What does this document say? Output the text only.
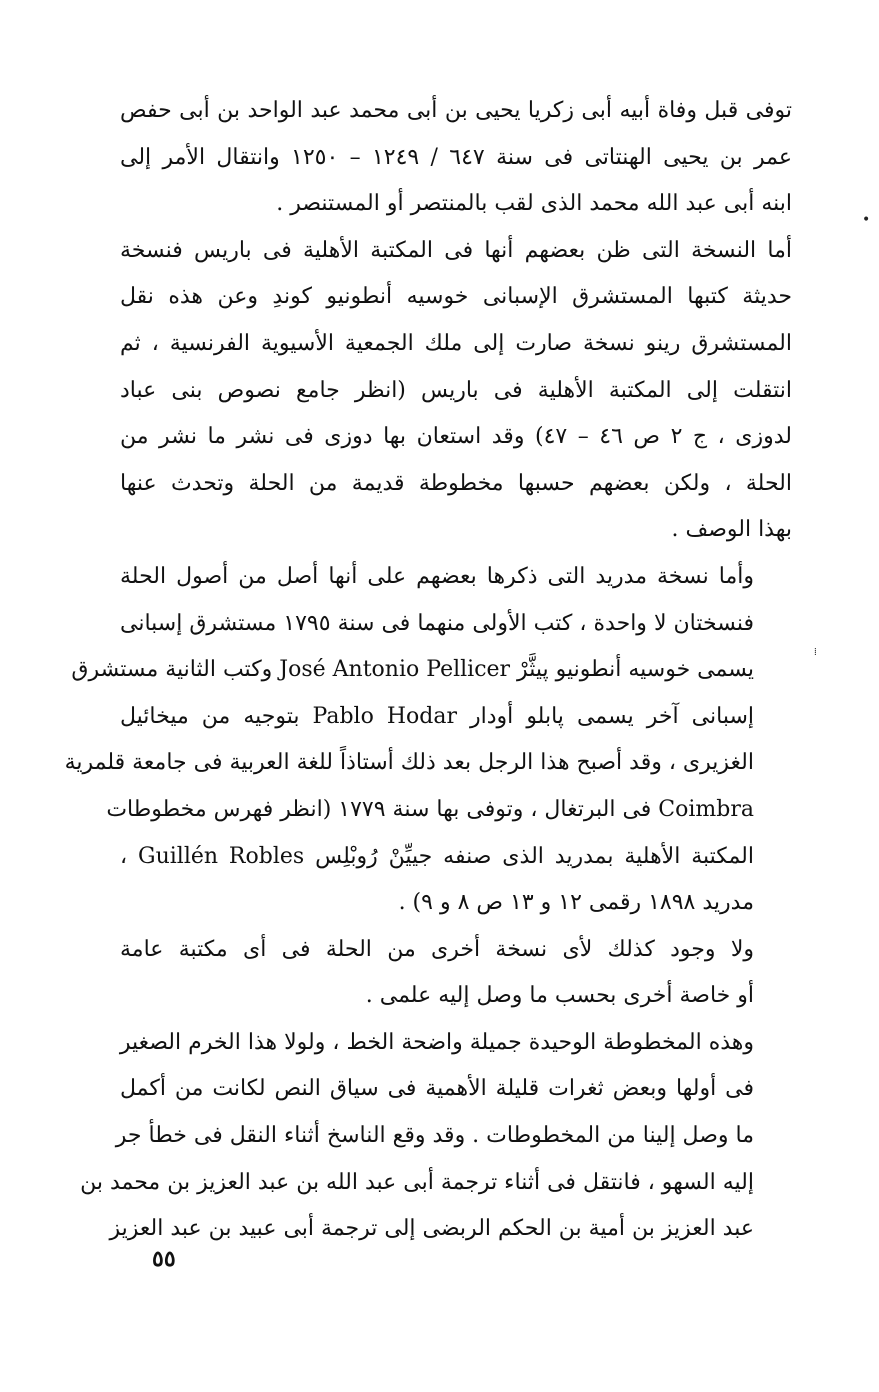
توفى قبل وفاة أبيه أبى زكريا يحيى بن أبى محمد عبد الواحد بن أبى حفص
عمر بن يحيى الهنتاتى فى سنة ٦٤٧ / ١٢٤٩ – ١٢٥٠ وانتقال الأمر إلى
ابنه أبى عبد الله محمد الذى لقب بالمنتصر أو المستنصر .

أما النسخة التى ظن بعضهم أنها فى المكتبة الأهلية فى باريس فنسخة
حديثة كتبها المستشرق الإسبانى خوسيه أنطونيو كوندِ وعن هذه نقل
المستشرق رينو نسخة صارت إلى ملك الجمعية الأسيوية الفرنسية ، ثم
انتقلت إلى المكتبة الأهلية فى باريس (انظر جامع نصوص بنى عباد
لدوزى ، ج ٢ ص ٤٦ – ٤٧) وقد استعان بها دوزى فى نشر ما نشر من
الحلة ، ولكن بعضهم حسبها مخطوطة قديمة من الحلة وتحدث عنها
بهذا الوصف .

وأما نسخة مدريد التى ذكرها بعضهم على أنها أصل من أصول الحلة
فنسختان لا واحدة ، كتب الأولى منهما فى سنة ١٧٩٥ مستشرق إسبانى
يسمى خوسيه أنطونيو پيثَّرْ José Antonio Pellicer وكتب الثانية مستشرق
إسبانى آخر يسمى پابلو أودار Pablo Hodar بتوجيه من ميخائيل
الغزيرى ، وقد أصبح هذا الرجل بعد ذلك أستاذاً للغة العربية فى جامعة قلمرية
Coimbra فى البرتغال ، وتوفى بها سنة ١٧٧٩ (انظر فهرس مخطوطات
المكتبة الأهلية بمدريد الذى صنفه جييِّنْ رُوبْلِس Guillén Robles ،
مدريد ١٨٩٨ رقمى ١٢ و ١٣ ص ٨ و ٩) .

ولا وجود كذلك لأى نسخة أخرى من الحلة فى أى مكتبة عامة
أو خاصة أخرى بحسب ما وصل إليه علمى .

وهذه المخطوطة الوحيدة جميلة واضحة الخط ، ولولا هذا الخرم الصغير
فى أولها وبعض ثغرات قليلة الأهمية فى سياق النص لكانت من أكمل
ما وصل إلينا من المخطوطات . وقد وقع الناسخ أثناء النقل فى خطأ جر
إليه السهو ، فانتقل فى أثناء ترجمة أبى عبد الله بن عبد العزيز بن محمد بن
عبد العزيز بن أمية بن الحكم الربضى إلى ترجمة أبى عبيد بن عبد العزيز

٥٥
•
⁞
